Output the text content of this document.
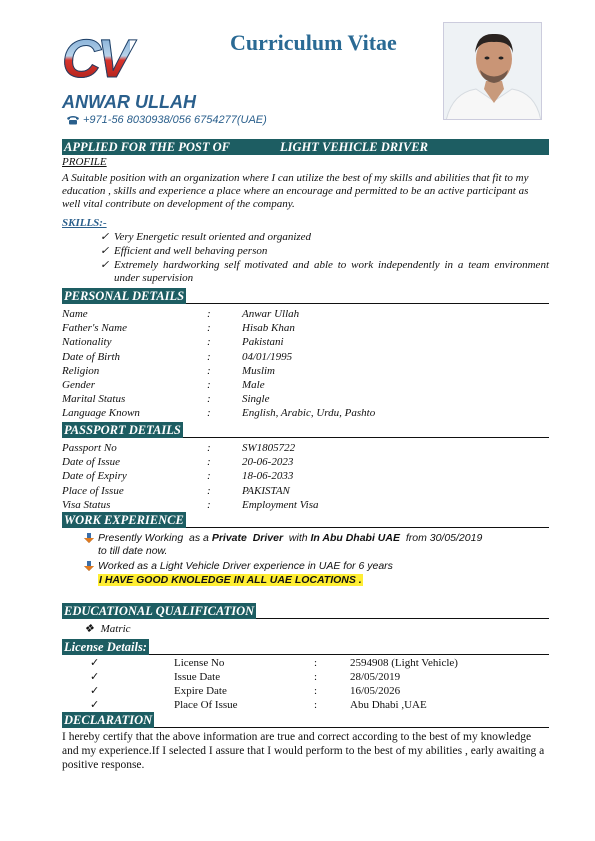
CV	Curriculum Vitae
ANWAR ULLAH
+971-56 8030938/056 6754277(UAE)
APPLIED FOR THE POST OF	LIGHT VEHICLE DRIVER
PROFILE
A Suitable position with an organization where I can utilize the best of my skills and abilities that fit to my education , skills and experience a place where an encourage and permitted to be an active participant as well vital contribute on development of the company.
SKILLS:-
✓ Very Energetic result oriented and organized
✓ Efficient and well behaving person
✓ Extremely hardworking self motivated and able to work independently in a team environment under supervision
PERSONAL DETAILS
Name	:	Anwar Ullah
Father's Name	:	Hisab Khan
Nationality	:	Pakistani
Date of Birth	:	04/01/1995
Religion	:	Muslim
Gender	:	Male
Marital Status	:	Single
Language Known	:	English, Arabic, Urdu, Pashto
PASSPORT DETAILS
Passport No	:	SW1805722
Date of Issue	:	20-06-2023
Date of Expiry	:	18-06-2033
Place of Issue	:	PAKISTAN
Visa Status	:	Employment Visa
WORK EXPERIENCE
Presently Working as a Private Driver with In Abu Dhabi UAE from 30/05/2019
to till date now.
Worked as a Light Vehicle Driver experience in UAE for 6 years
I HAVE GOOD KNOLEDGE IN ALL UAE LOCATIONS .
EDUCATIONAL QUALIFICATION
❖ Matric
License Details:
✓	License No	:	2594908 (Light Vehicle)
✓	Issue Date	:	28/05/2019
✓	Expire Date	:	16/05/2026
✓	Place Of Issue	:	Abu Dhabi ,UAE
DECLARATION
I hereby certify that the above information are true and correct according to the best of my knowledge and my experience.If I selected I assure that I would perform to the best of my abilities , early awaiting a positive response.
